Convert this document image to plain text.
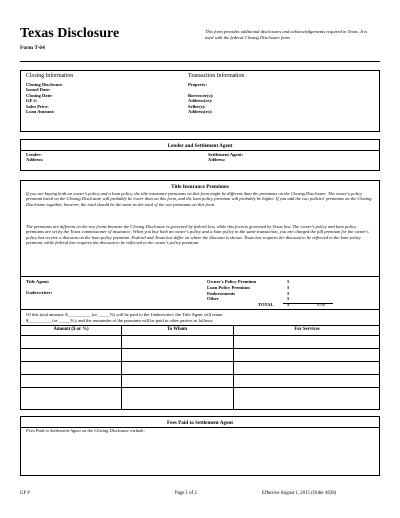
Texas Disclosure
Form T-64
This form provides additional disclosures and acknowledgements required in Texas. It is used with the federal Closing Disclosure form.
Closing Information
Closing Disclosure
Issued Date:
Closing Date:
GF #:
Sales Price:
Loan Amount:
Transaction Information
Property:
Borrower(s):
Address(es):
Seller(s):
Address(es):
Lender and Settlement Agent
Lender:
Address:
Settlement Agent:
Address:
Title Insurance Premiums
If you are buying both an owner's policy and a loan policy, the title insurance premiums on this form might be different than the premiums on the Closing Disclosure. The owner's policy premium listed on the Closing Disclosure will probably be lower than on this form, and the loan policy premium will probably be higher. If you add the two policies' premiums on the Closing Disclosure together, however, the total should be the same as the total of the two premiums on this form.
The premiums are different on the two forms because the Closing Disclosure is governed by federal law, while this form is governed by Texas law. The owner's policy and loan policy premiums are set by the Texas commissioner of insurance. When you buy both an owner's policy and a loan policy in the same transaction, you are charged the full premium for the owner's policy but receive a discount on the loan policy premium. Federal and Texas law differ on where the discount is shown. Texas law requires the discount to be reflected in the loan policy premium, while federal law requires the discount to be reflected in the owner's policy premium.
Title Agent:
Underwriter:
Owner's Policy Premium	$
Loan Policy Premium	$
Endorsements	$
Other	$
TOTAL	$	0.00
Of this total amount: $__________ (or _____%) will be paid to the Underwriter; the Title Agent will retain
$__________ (or _____%); and the remainder of the premium will be paid to other parties as follows:
Amount ($ or %)	To Whom	For Services
Fees Paid to Settlement Agent
Fees Paid to Settlement Agent on the Closing Disclosure include:
GF #	Page 1 of 2	Effective August 1, 2015 (Order 4038)
